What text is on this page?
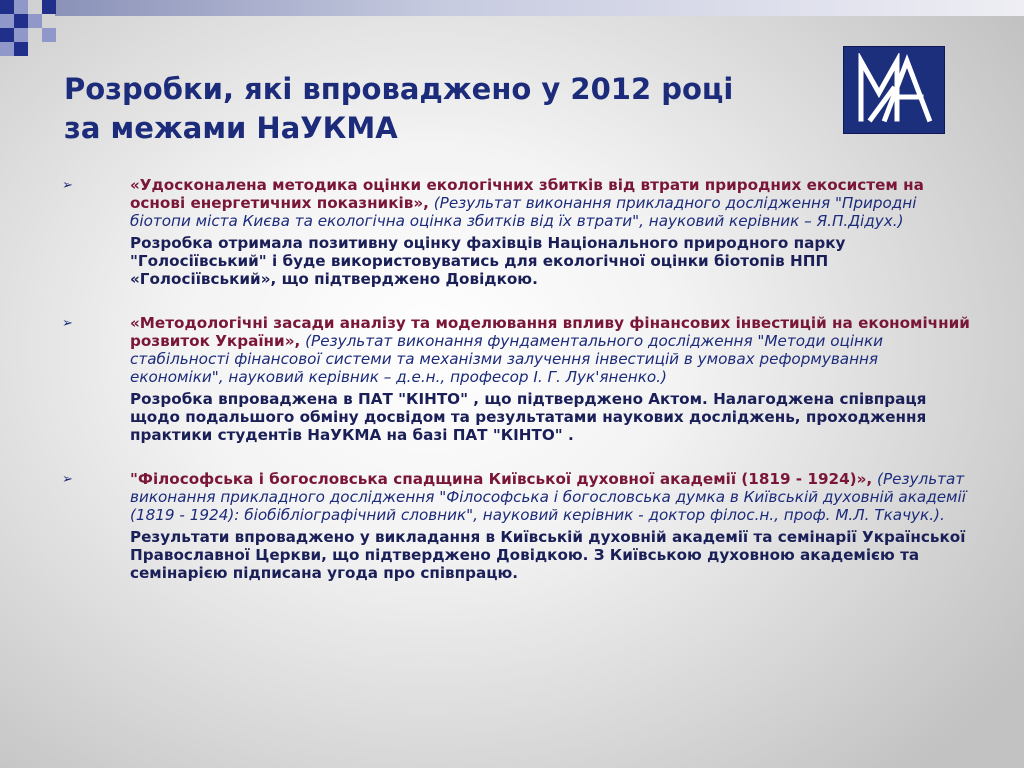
Розробки, які впроваджено у 2012 році
за межами НаУКМА
➢	«Удосконалена методика оцінки екологічних збитків від втрати природних екосистем на основі енергетичних показників», (Результат виконання прикладного дослідження "Природні біотопи міста Києва та екологічна оцінка збитків від їх втрати", науковий керівник – Я.П.Дідух.)
Розробка отримала позитивну оцінку фахівців Національного природного парку "Голосіївський" і буде використовуватись для екологічної оцінки біотопів НПП «Голосіївський», що підтверджено Довідкою.
➢	«Методологічні засади аналізу та моделювання впливу фінансових інвестицій на економічний розвиток України», (Результат виконання фундаментального дослідження "Методи оцінки стабільності фінансової системи та механізми залучення інвестицій в умовах реформування економіки", науковий керівник – д.е.н., професор І. Г. Лук'яненко.)
Розробка впроваджена в ПАТ "КІНТО" , що підтверджено Актом. Налагоджена співпраця щодо подальшого обміну досвідом та результатами наукових досліджень, проходження практики студентів НаУКМА на базі ПАТ "КІНТО" .
➢	"Філософська і богословська спадщина Київської духовної академії (1819 - 1924)», (Результат виконання прикладного дослідження "Філософська і богословська думка в Київській духовній академії (1819 - 1924): біобібліографічний словник", науковий керівник - доктор філос.н., проф. М.Л. Ткачук.).
Результати впроваджено у викладання в Київській духовній академії та семінарії Української Православної Церкви, що підтверджено Довідкою. З Київською духовною академією та семінарією підписана угода про співпрацю.
